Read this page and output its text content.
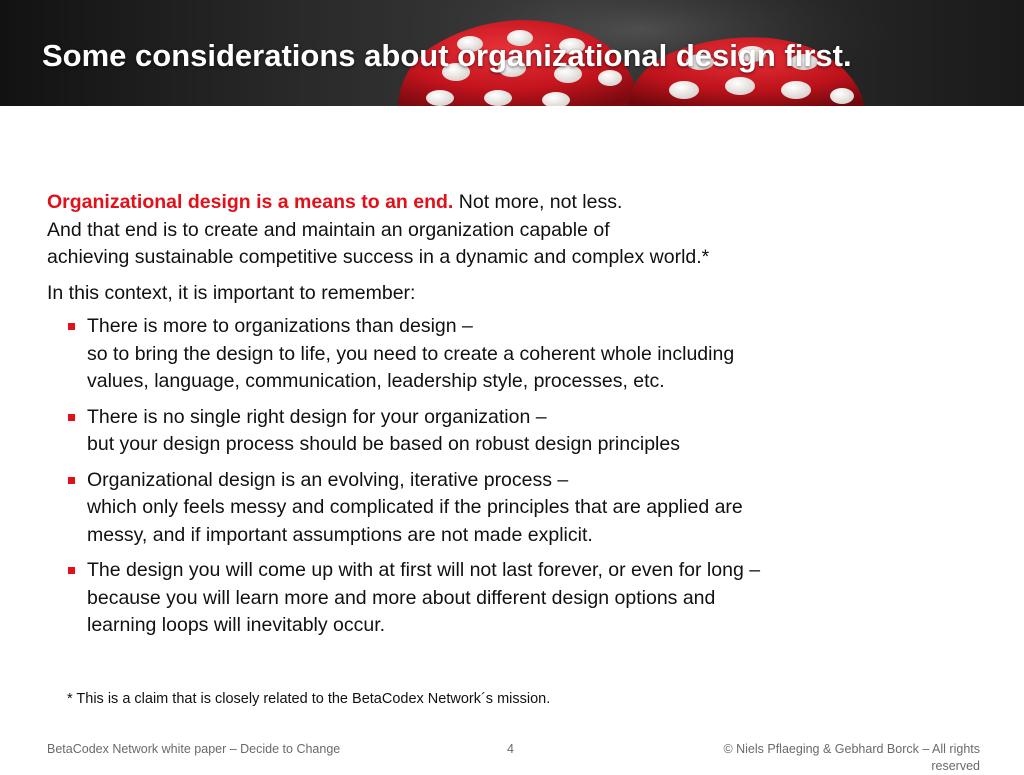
Some considerations about organizational design first.

Organizational design is a means to an end. Not more, not less.
And that end is to create and maintain an organization capable of
achieving sustainable competitive success in a dynamic and complex world.*

In this context, it is important to remember:

There is more to organizations than design –
so to bring the design to life, you need to create a coherent whole including
values, language, communication, leadership style, processes, etc.
There is no single right design for your organization –
but your design process should be based on robust design principles
Organizational design is an evolving, iterative process –
which only feels messy and complicated if the principles that are applied are
messy, and if important assumptions are not made explicit.
The design you will come up with at first will not last forever, or even for long –
because you will learn more and more about different design options and
learning loops will inevitably occur.
* This is a claim that is closely related to the BetaCodex Network´s mission.
BetaCodex Network white paper – Decide to Change	4	© Niels Pflaeging & Gebhard Borck – All rights reserved
